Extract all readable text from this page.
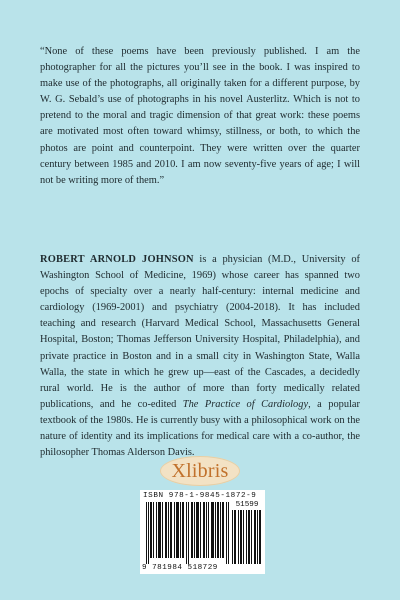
“None of these poems have been previously published. I am the photographer for all the pictures you’ll see in the book. I was inspired to make use of the photographs, all originally taken for a different purpose, by W. G. Sebald’s use of photographs in his novel Austerlitz. Which is not to pretend to the moral and tragic dimension of that great work: these poems are motivated most often toward whimsy, stillness, or both, to which the photos are point and counterpoint. They were written over the quarter century between 1985 and 2010. I am now seventy-five years of age; I will not be writing more of them.”

ROBERT ARNOLD JOHNSON is a physician (M.D., University of Washington School of Medicine, 1969) whose career has spanned two epochs of specialty over a nearly half-century: internal medicine and cardiology (1969-2001) and psychiatry (2004-2018). It has included teaching and research (Harvard Medical School, Massachusetts General Hospital, Boston; Thomas Jefferson University Hospital, Philadelphia), and private practice in Boston and in a small city in Washington State, Walla Walla, the state in which he grew up—east of the Cascades, a decidedly rural world. He is the author of more than forty medically related publications, and he co-edited The Practice of Cardiology, a popular textbook of the 1980s. He is currently busy with a philosophical work on the nature of identity and its implications for medical care with a co-author, the philosopher Thomas Alderson Davis.

Xlibris
ISBN 978-1-9845-1872-9
51599
9 781984 518729
